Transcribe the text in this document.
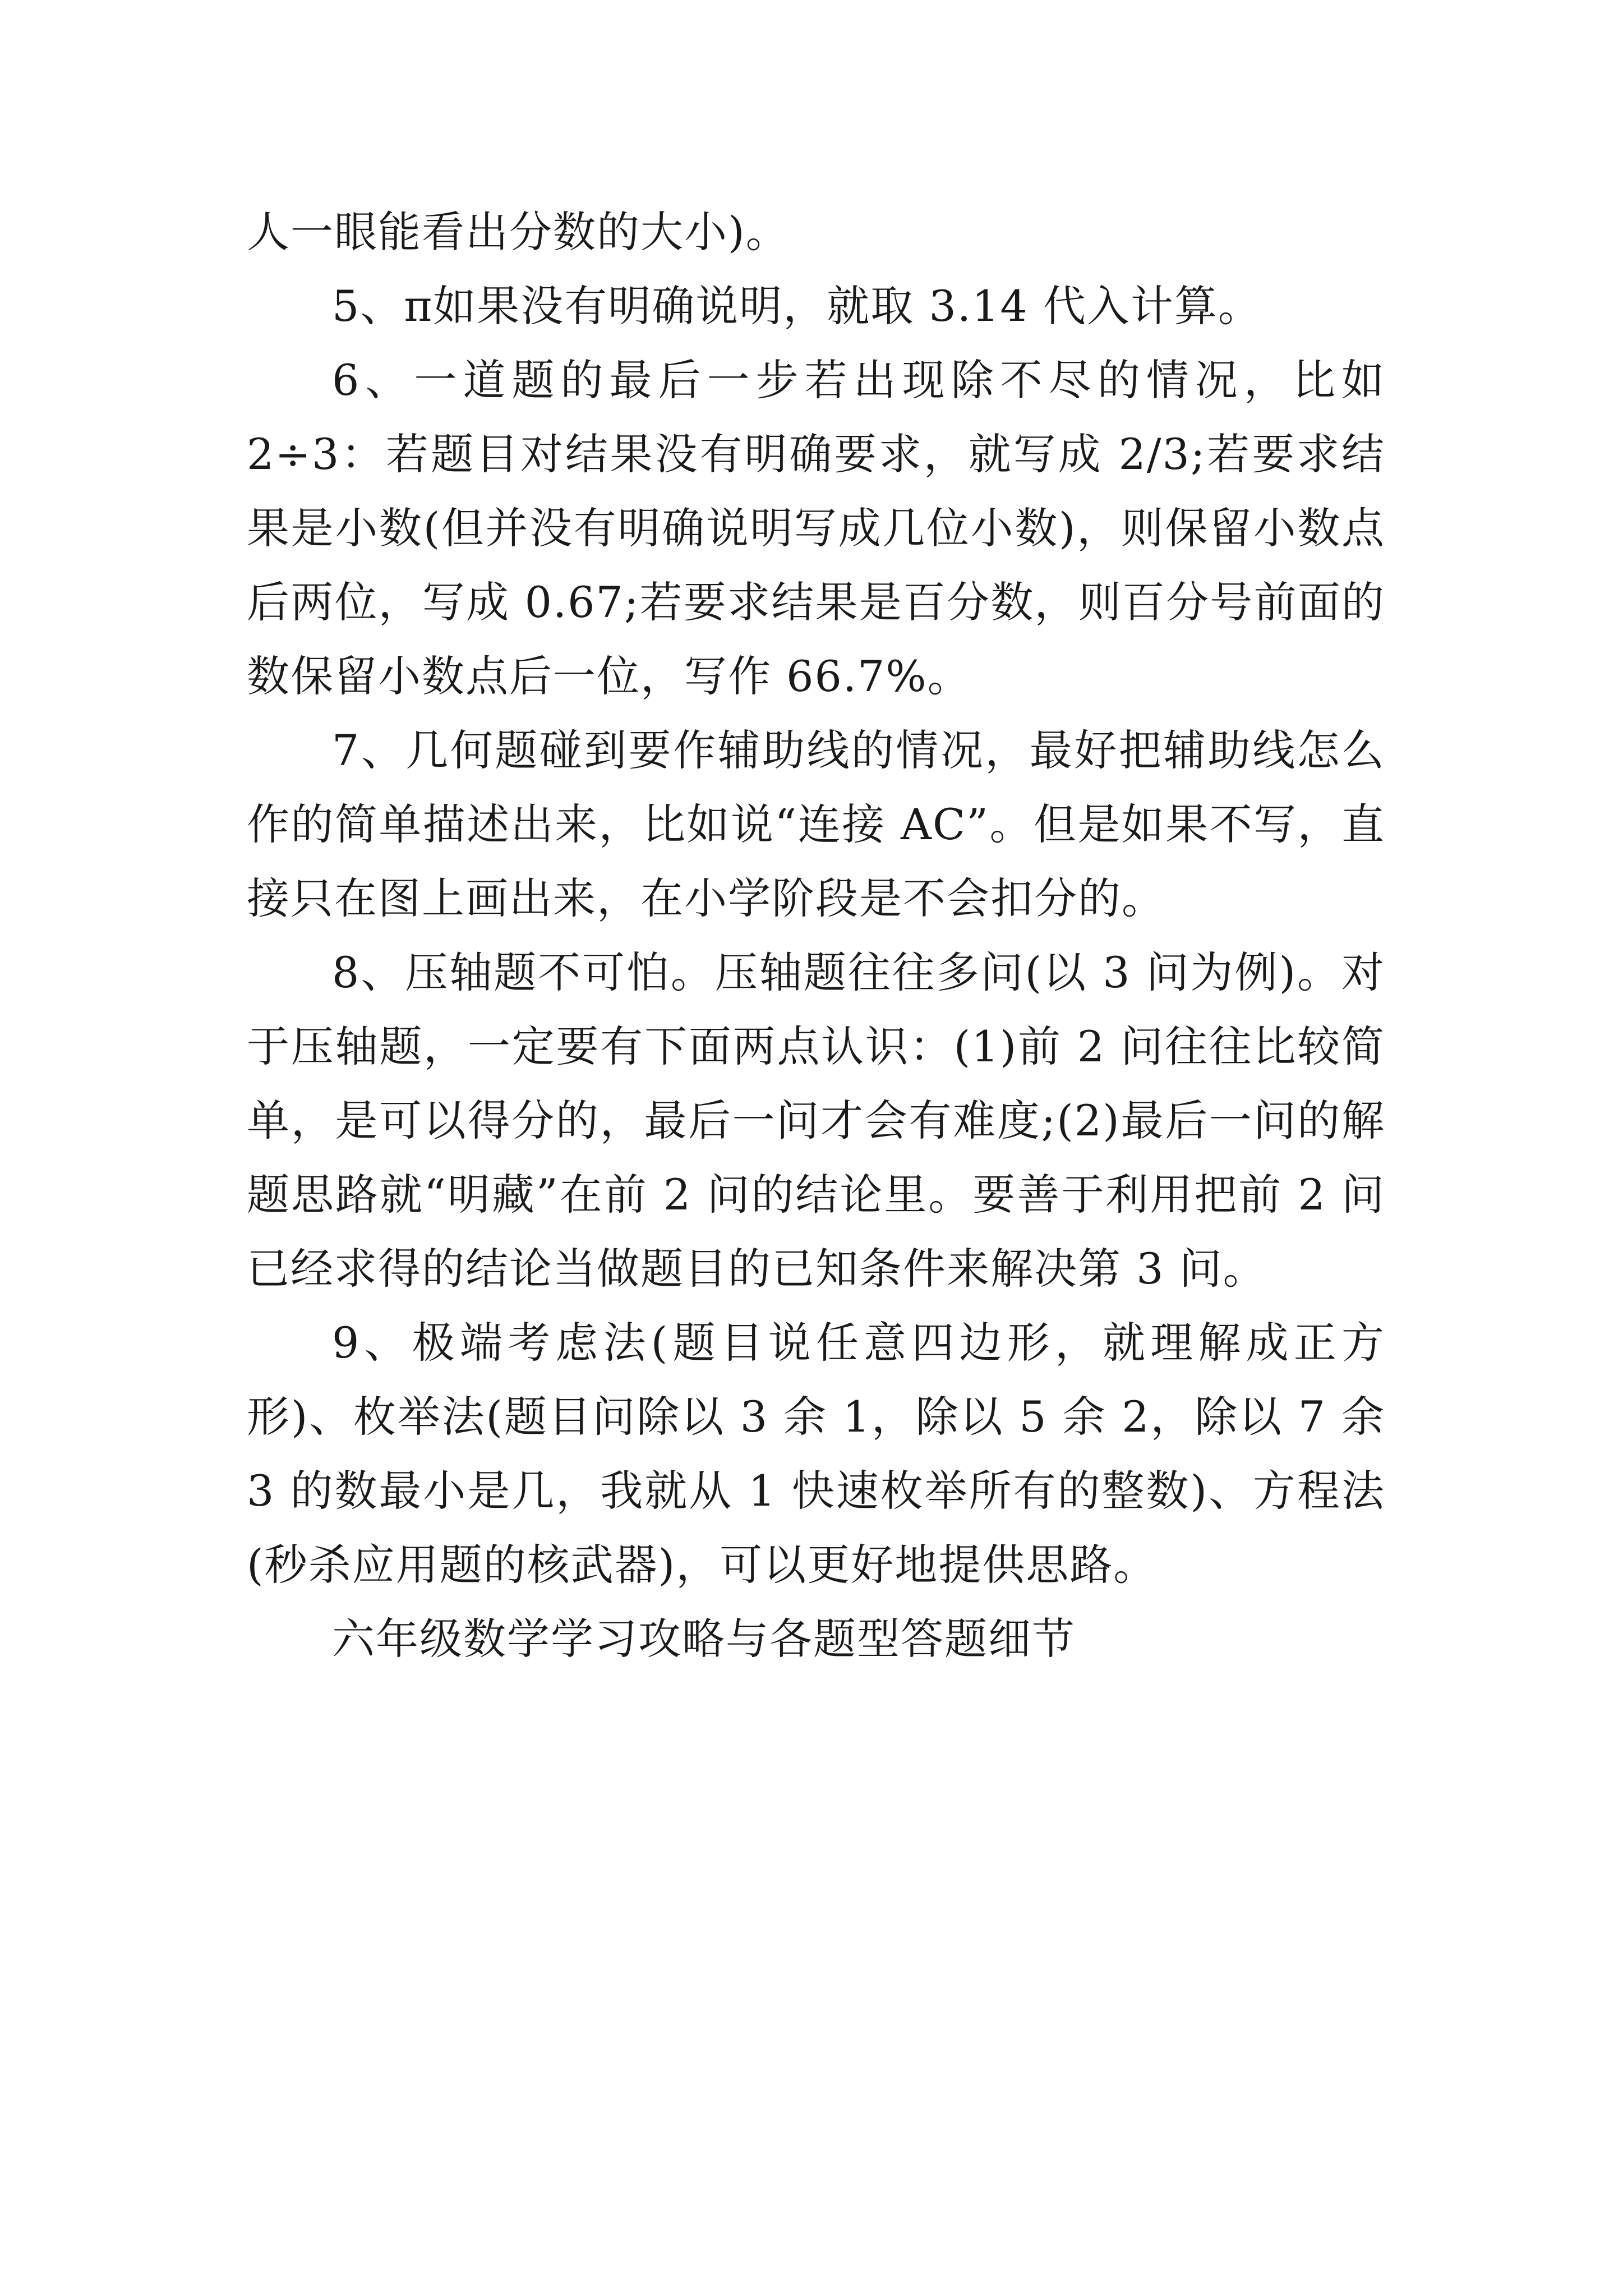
人一眼能看出分数的大小)。

5、π如果没有明确说明，就取 3.14 代入计算。

6、一道题的最后一步若出现除不尽的情况，比如 2÷3：若题目对结果没有明确要求，就写成 2/3;若要求结果是小数(但并没有明确说明写成几位小数)，则保留小数点后两位，写成 0.67;若要求结果是百分数，则百分号前面的数保留小数点后一位，写作 66.7%。

7、几何题碰到要作辅助线的情况，最好把辅助线怎么作的简单描述出来，比如说“连接 AC”。但是如果不写，直接只在图上画出来，在小学阶段是不会扣分的。

8、压轴题不可怕。压轴题往往多问(以 3 问为例)。对于压轴题，一定要有下面两点认识：(1)前 2 问往往比较简单，是可以得分的，最后一问才会有难度;(2)最后一问的解题思路就“明藏”在前 2 问的结论里。要善于利用把前 2 问已经求得的结论当做题目的已知条件来解决第 3 问。

9、极端考虑法(题目说任意四边形，就理解成正方形)、枚举法(题目问除以 3 余 1，除以 5 余 2，除以 7 余 3 的数最小是几，我就从 1 快速枚举所有的整数)、方程法(秒杀应用题的核武器)，可以更好地提供思路。

六年级数学学习攻略与各题型答题细节
